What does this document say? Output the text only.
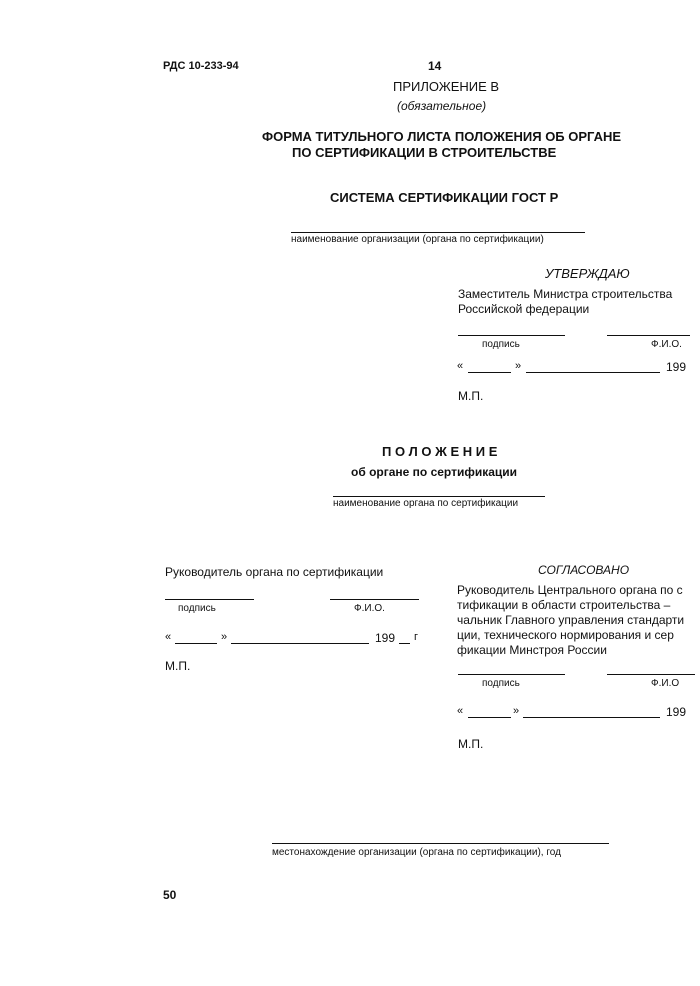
РДС 10-233-94	14
ПРИЛОЖЕНИЕ В
(обязательное)
ФОРМА ТИТУЛЬНОГО ЛИСТА ПОЛОЖЕНИЯ ОБ ОРГАНЕ
ПО СЕРТИФИКАЦИИ В СТРОИТЕЛЬСТВЕ
СИСТЕМА СЕРТИФИКАЦИИ ГОСТ Р
наименование организации (органа по сертификации)
УТВЕРЖДАЮ
Заместитель Министра строительства
Российской федерации
подпись	Ф.И.О.
«	»	199
М.П.
П О Л О Ж Е Н И Е
об органе по сертификации
наименование органа по сертификации
Руководитель органа по сертификации
подпись	Ф.И.О.
«	»	199 г
М.П.
СОГЛАСОВАНО
Руководитель Центрального органа по с
тификации в области строительства –
чальник Главного управления стандарти
ции, технического нормирования и сер
фикации Минстроя России
подпись	Ф.И.О
«	»	199
М.П.
местонахождение организации (органа по сертификации), год
50
